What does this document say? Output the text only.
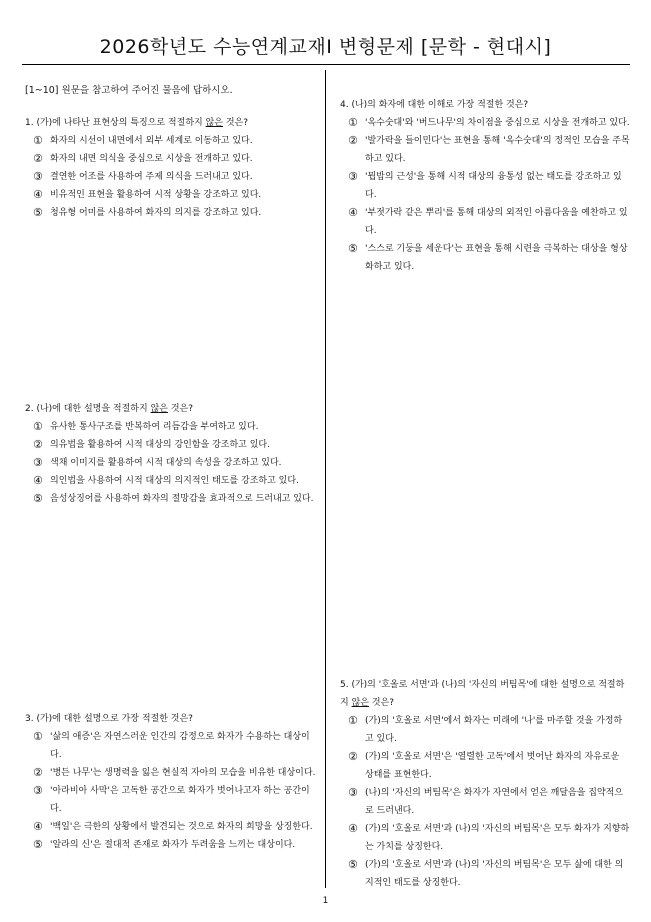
2026학년도 수능연계교재Ⅰ 변형문제 [문학 - 현대시]
[1~10] 원문을 참고하여 주어진 물음에 답하시오.
1. (가)에 나타난 표현상의 특징으로 적절하지 않은 것은?
① 화자의 시선이 내면에서 외부 세계로 이동하고 있다.
② 화자의 내면 의식을 중심으로 시상을 전개하고 있다.
③ 결연한 어조를 사용하여 주제 의식을 드러내고 있다.
④ 비유적인 표현을 활용하여 시적 상황을 강조하고 있다.
⑤ 청유형 어미를 사용하여 화자의 의지를 강조하고 있다.
2. (나)에 대한 설명을 적절하지 않은 것은?
① 유사한 통사구조를 반복하여 리듬감을 부여하고 있다.
② 의유법을 활용하여 시적 대상의 강인함을 강조하고 있다.
③ 색채 이미지를 활용하여 시적 대상의 속성을 강조하고 있다.
④ 의인법을 사용하여 시적 대상의 의지적인 태도를 강조하고 있다.
⑤ 음성상징어를 사용하여 화자의 절망감을 효과적으로 드러내고 있다.
3. (가)에 대한 설명으로 가장 적절한 것은?
① '삶의 애증'은 자연스러운 인간의 감정으로 화자가 수용하는 대상이다.
② '병든 나무'는 생명력을 잃은 현실적 자아의 모습을 비유한 대상이다.
③ '아라비아 사막'은 고독한 공간으로 화자가 벗어나고자 하는 공간이다.
④ '백일'은 극한의 상황에서 발견되는 것으로 화자의 희망을 상징한다.
⑤ '알라의 신'은 절대적 존재로 화자가 두려움을 느끼는 대상이다.
4. (나)의 화자에 대한 이해로 가장 적절한 것은?
① '옥수숫대'와 '버드나무'의 차이점을 중심으로 시상을 전개하고 있다.
② '발가락을 들이민다'는 표현을 통해 '옥수숫대'의 정적인 모습을 주목하고 있다.
③ '뭡밥의 근성'을 통해 시적 대상의 융통성 없는 태도를 강조하고 있다.
④ '부젓가락 같은 뿌리'를 통해 대상의 외적인 아름다움을 예찬하고 있다.
⑤ '스스로 기둥을 세운다'는 표현을 통해 시련을 극복하는 대상을 형상화하고 있다.
5. (가)의 '호올로 서면'과 (나)의 '자신의 버팀목'에 대한 설명으로 적절하지 않은 것은?
① (가)의 '호올로 서면'에서 화자는 미래에 '나'를 마주할 것을 가정하고 있다.
② (가)의 '호올로 서면'은 '열렬한 고독'에서 벗어난 화자의 자유로운 상태를 표현한다.
③ (나)의 '자신의 버팀목'은 화자가 자연에서 얻은 깨달음을 집약적으로 드러낸다.
④ (가)의 '호올로 서면'과 (나)의 '자신의 버팀목'은 모두 화자가 지향하는 가치를 상징한다.
⑤ (가)의 '호올로 서면'과 (나)의 '자신의 버팀목'은 모두 삶에 대한 의지적인 태도를 상징한다.
1
